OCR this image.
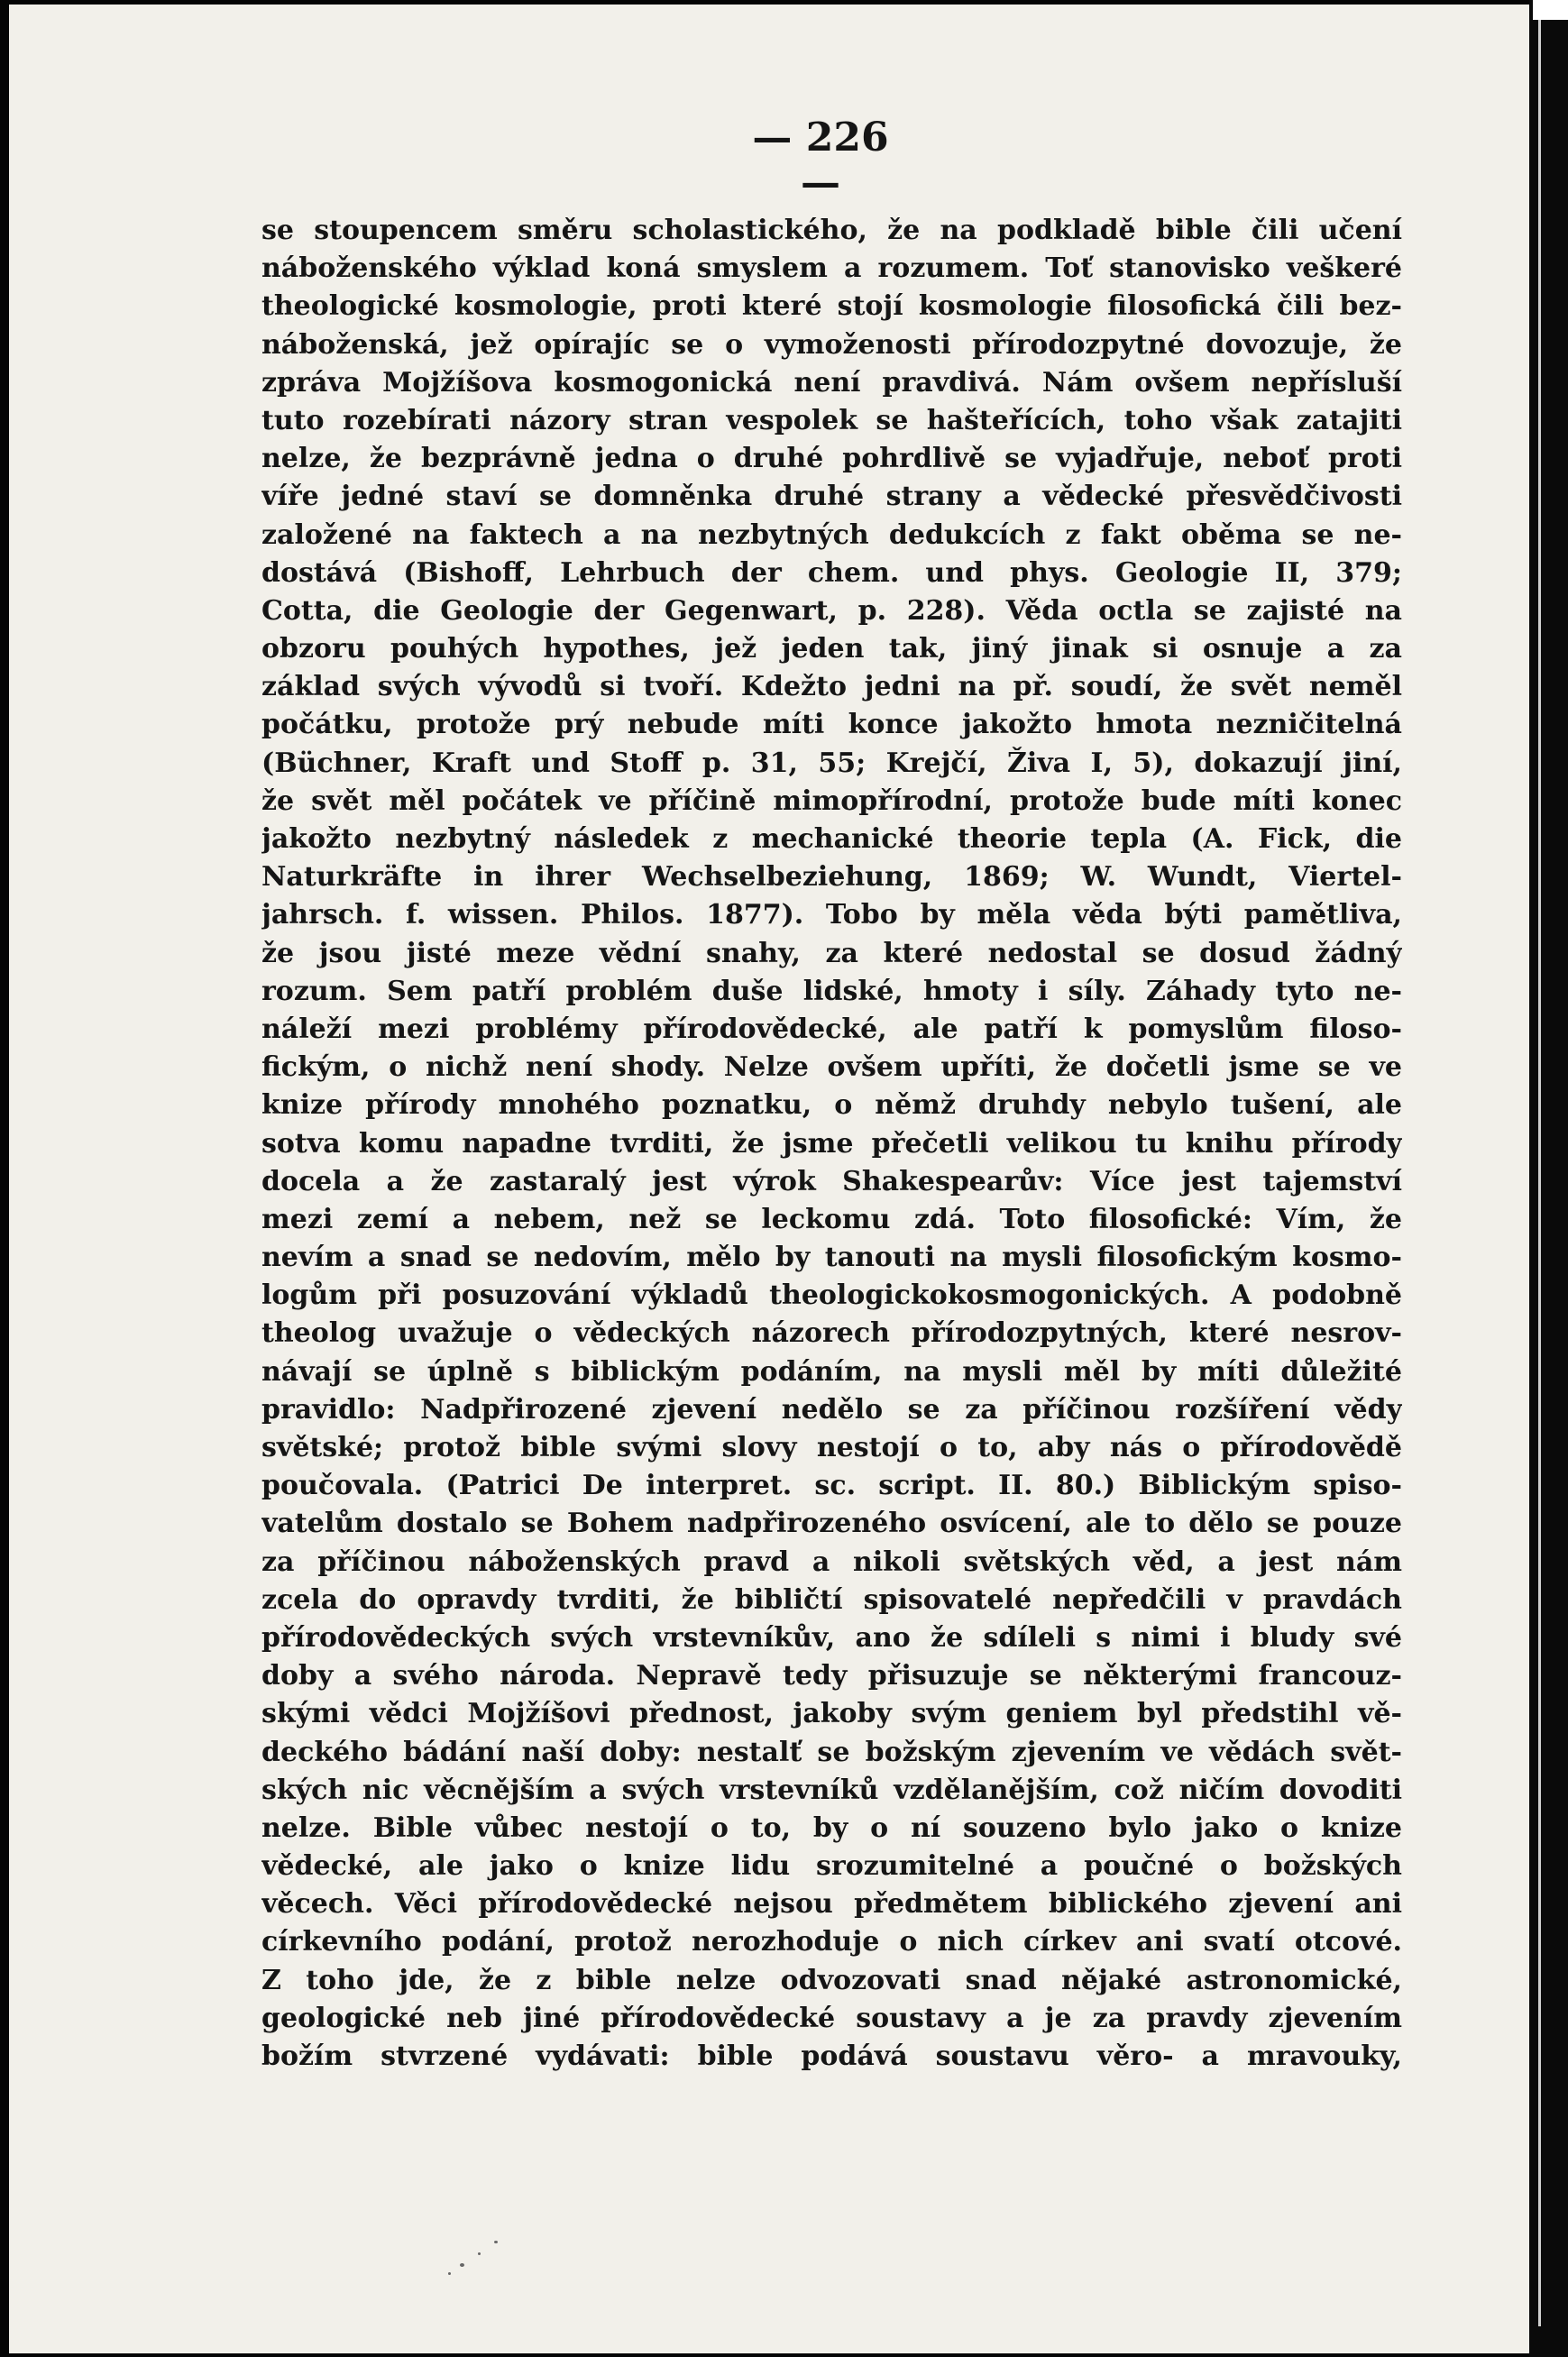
— 226 —
se stoupencem směru scholastického, že na podkladě bible čili učení
náboženského výklad koná smyslem a rozumem. Toť stanovisko veškeré
theologické kosmologie, proti které stojí kosmologie filosofická čili bez-
náboženská, jež opírajíc se o vymoženosti přírodozpytné dovozuje, že
zpráva Mojžíšova kosmogonická není pravdivá. Nám ovšem nepřísluší
tuto rozebírati názory stran vespolek se hašteřících, toho však zatajiti
nelze, že bezprávně jedna o druhé pohrdlivě se vyjadřuje, neboť proti
víře jedné staví se domněnka druhé strany a vědecké přesvědčivosti
založené na faktech a na nezbytných dedukcích z fakt oběma se ne-
dostává (Bishoff, Lehrbuch der chem. und phys. Geologie II, 379;
Cotta, die Geologie der Gegenwart, p. 228). Věda octla se zajisté na
obzoru pouhých hypothes, jež jeden tak, jiný jinak si osnuje a za
základ svých vývodů si tvoří. Kdežto jedni na př. soudí, že svět neměl
počátku, protože prý nebude míti konce jakožto hmota nezničitelná
(Büchner, Kraft und Stoff p. 31, 55; Krejčí, Živa I, 5), dokazují jiní,
že svět měl počátek ve příčině mimopřírodní, protože bude míti konec
jakožto nezbytný následek z mechanické theorie tepla (A. Fick, die
Naturkräfte in ihrer Wechselbeziehung, 1869; W. Wundt, Viertel-
jahrsch. f. wissen. Philos. 1877). Tobo by měla věda býti pamětliva,
že jsou jisté meze vědní snahy, za které nedostal se dosud žádný
rozum. Sem patří problém duše lidské, hmoty i síly. Záhady tyto ne-
náleží mezi problémy přírodovědecké, ale patří k pomyslům filoso-
fickým, o nichž není shody. Nelze ovšem upříti, že dočetli jsme se ve
knize přírody mnohého poznatku, o němž druhdy nebylo tušení, ale
sotva komu napadne tvrditi, že jsme přečetli velikou tu knihu přírody
docela a že zastaralý jest výrok Shakespearův: Více jest tajemství
mezi zemí a nebem, než se leckomu zdá. Toto filosofické: Vím, že
nevím a snad se nedovím, mělo by tanouti na mysli filosofickým kosmo-
logům při posuzování výkladů theologickokosmogonických. A podobně
theolog uvažuje o vědeckých názorech přírodozpytných, které nesrov-
návají se úplně s biblickým podáním, na mysli měl by míti důležité
pravidlo: Nadpřirozené zjevení nedělo se za příčinou rozšíření vědy
světské; protož bible svými slovy nestojí o to, aby nás o přírodovědě
poučovala. (Patrici De interpret. sc. script. II. 80.) Biblickým spiso-
vatelům dostalo se Bohem nadpřirozeného osvícení, ale to dělo se pouze
za příčinou náboženských pravd a nikoli světských věd, a jest nám
zcela do opravdy tvrditi, že bibličtí spisovatelé nepředčili v pravdách
přírodovědeckých svých vrstevníkův, ano že sdíleli s nimi i bludy své
doby a svého národa. Nepravě tedy přisuzuje se některými francouz-
skými vědci Mojžíšovi přednost, jakoby svým geniem byl předstihl vě-
deckého bádání naší doby: nestalť se božským zjevením ve vědách svět-
ských nic věcnějším a svých vrstevníků vzdělanějším, což ničím dovoditi
nelze. Bible vůbec nestojí o to, by o ní souzeno bylo jako o knize
vědecké, ale jako o knize lidu srozumitelné a poučné o božských
věcech. Věci přírodovědecké nejsou předmětem biblického zjevení ani
církevního podání, protož nerozhoduje o nich církev ani svatí otcové.
Z toho jde, že z bible nelze odvozovati snad nějaké astronomické,
geologické neb jiné přírodovědecké soustavy a je za pravdy zjevením
božím stvrzené vydávati: bible podává soustavu věro- a mravouky,
